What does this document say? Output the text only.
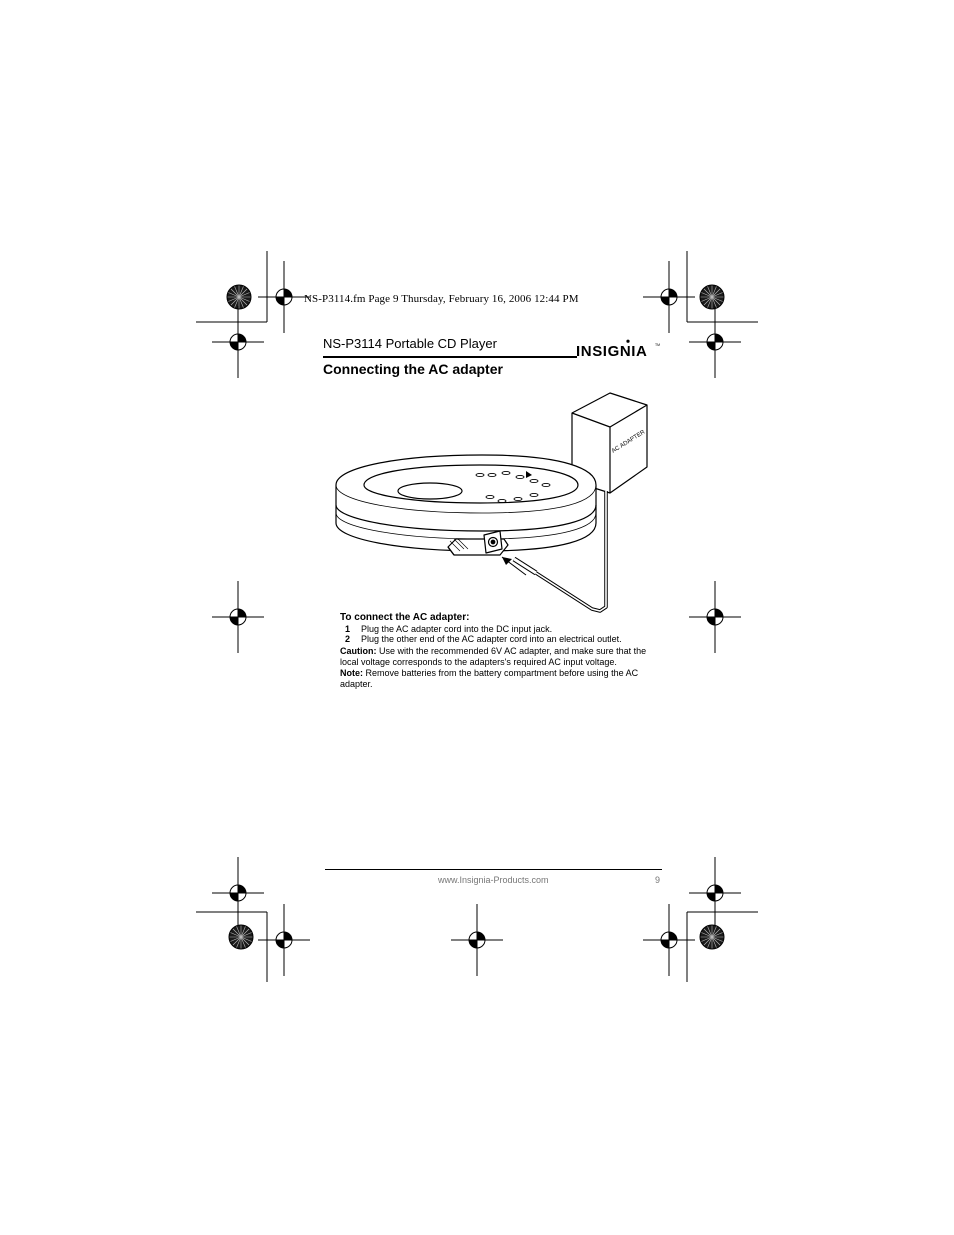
NS-P3114.fm Page 9 Thursday, February 16, 2006 12:44 PM
NS-P3114 Portable CD Player	INSIGNIA TM
Connecting the AC adapter
AC ADAPTER
To connect the AC adapter:
1 Plug the AC adapter cord into the DC input jack.
2 Plug the other end of the AC adapter cord into an electrical outlet.
Caution: Use with the recommended 6V AC adapter, and make sure that the local voltage corresponds to the adapters's required AC input voltage.
Note: Remove batteries from the battery compartment before using the AC adapter.
www.Insignia-Products.com	9
